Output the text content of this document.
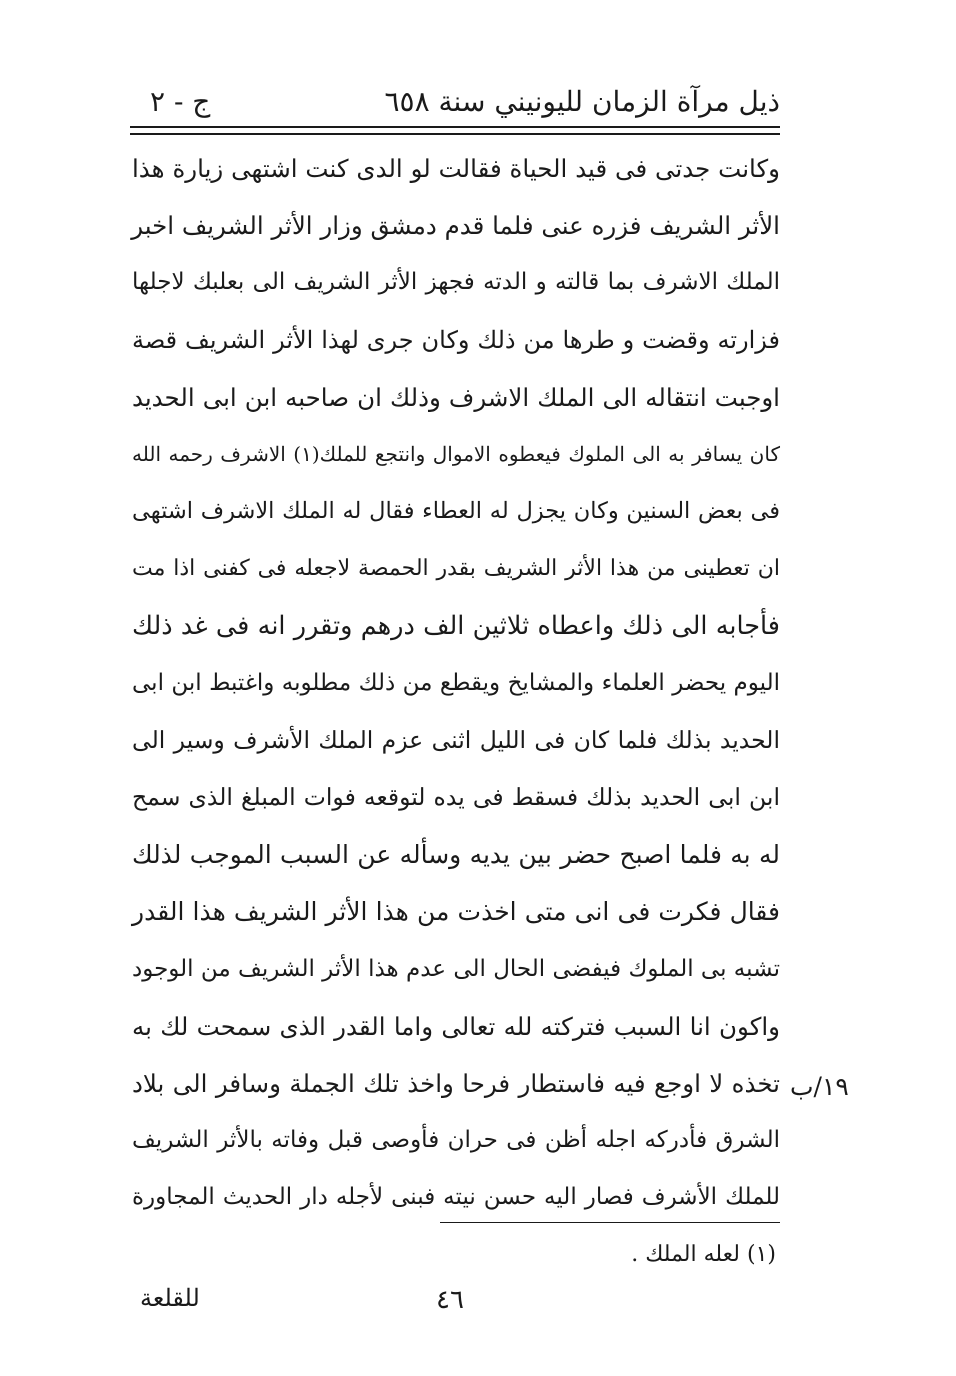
ذيل مرآة الزمان لليونيني سنة ٦٥٨
ج - ٢
وكانت جدتى فى قيد الحياة فقالت لو الدى كنت اشتهى زيارة هذا
الأثر الشريف فزره عنى فلما قدم دمشق وزار الأثر الشريف اخبر
الملك الاشرف بما قالته و الدته فجهز الأثر الشريف الى بعلبك لاجلها
فزارته وقضت و طرها من ذلك وكان جرى لهذا الأثر الشريف قصة
اوجبت انتقاله الى الملك الاشرف وذلك ان صاحبه ابن ابى الحديد
كان يسافر به الى الملوك فيعطوه الاموال وانتجع للملك(١) الاشرف رحمه الله
فى بعض السنين وكان يجزل له العطاء فقال له الملك الاشرف اشتهى
ان تعطينى من هذا الأثر الشريف بقدر الحمصة لاجعله فى كفنى اذا مت
فأجابه الى ذلك واعطاه ثلاثين الف درهم وتقرر انه فى غد ذلك
اليوم يحضر العلماء والمشايخ ويقطع من ذلك مطلوبه واغتبط ابن ابى
الحديد بذلك فلما كان فى الليل اثنى عزم الملك الأشرف وسير الى
ابن ابى الحديد بذلك فسقط فى يده لتوقعه فوات المبلغ الذى سمح
له به فلما اصبح حضر بين يديه وسأله عن السبب الموجب لذلك
فقال فكرت فى انى متى اخذت من هذا الأثر الشريف هذا القدر
تشبه بى الملوك فيفضى الحال الى عدم هذا الأثر الشريف من الوجود
واكون انا السبب فتركته لله تعالى واما القدر الذى سمحت لك به
تخذه لا اوجع فيه فاستطار فرحا واخذ تلك الجملة وسافر الى بلاد
الشرق فأدركه اجله أظن فى حران فأوصى قبل وفاته بالأثر الشريف
للملك الأشرف فصار اليه حسن نيته فبنى لأجله دار الحديث المجاورة
١٩/ب
(١) لعله الملك .
٤٦
للقلعة
